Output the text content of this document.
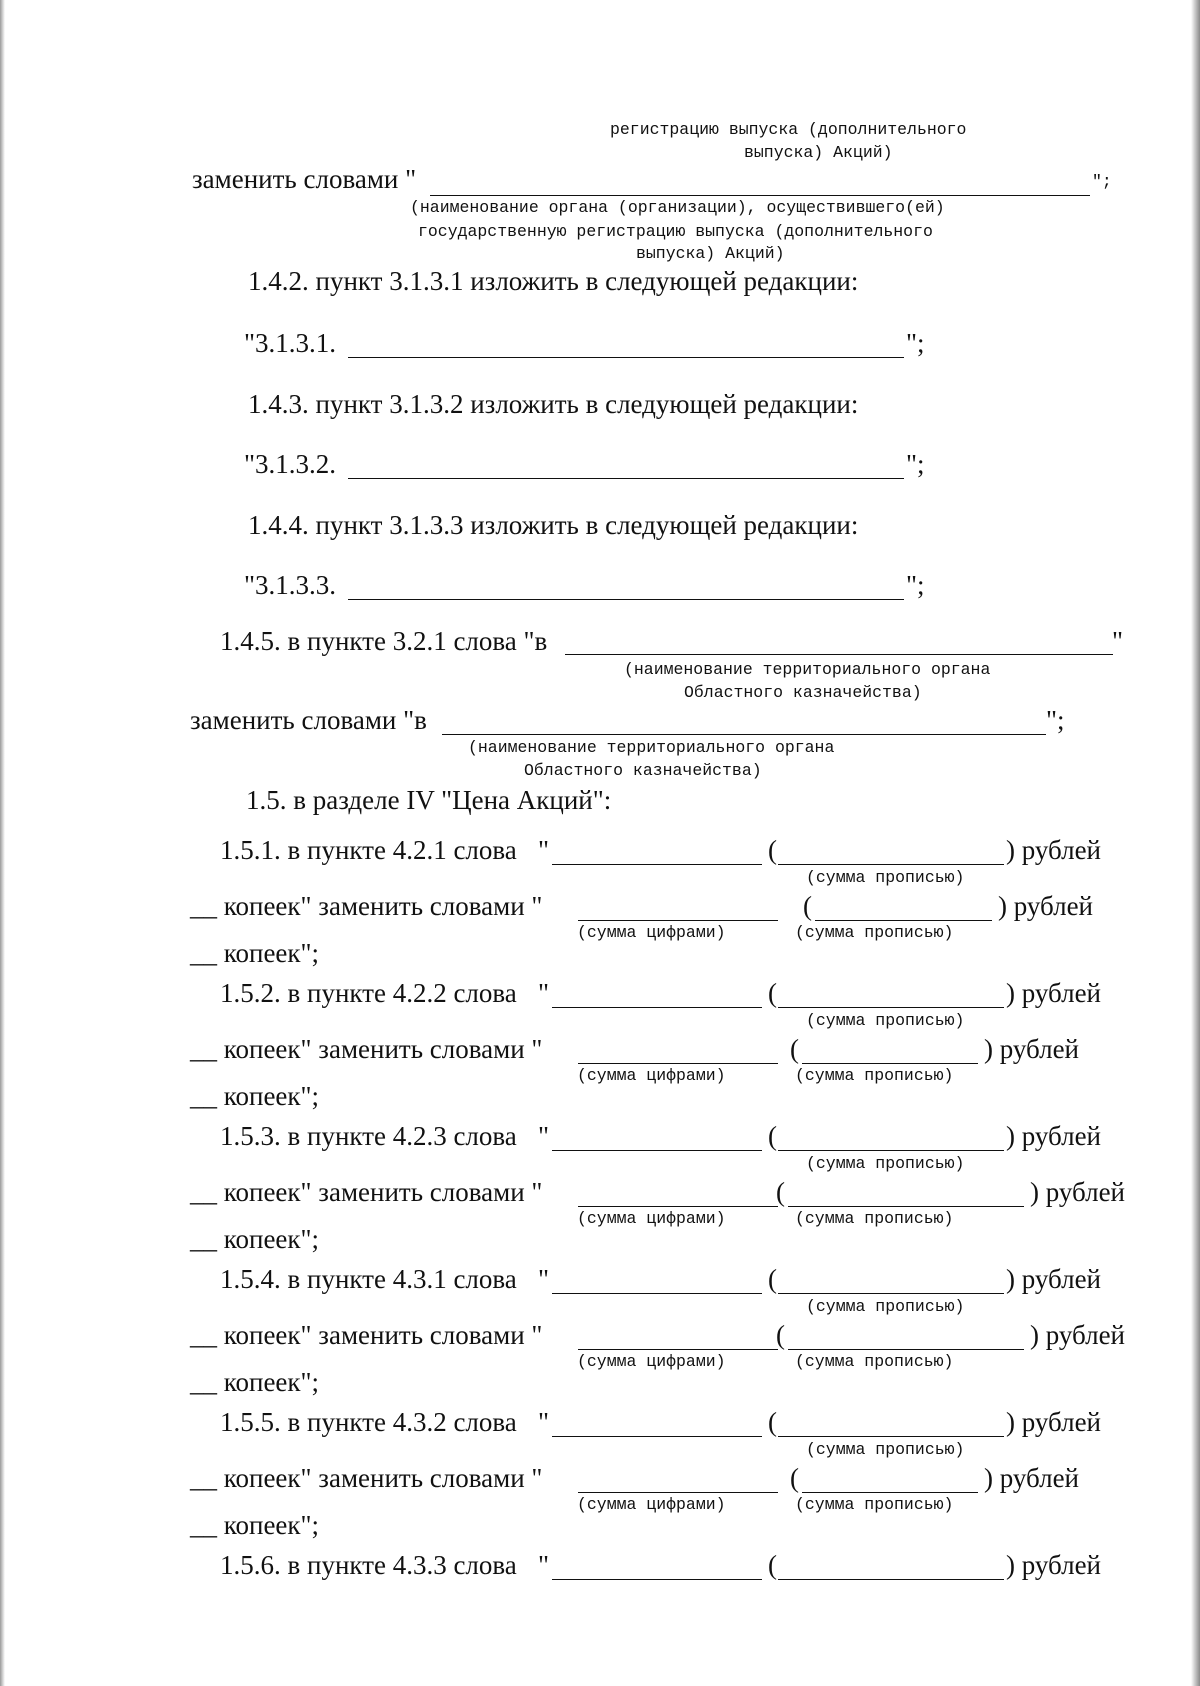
регистрацию выпуска (дополнительного
выпуска) Акций)
заменить словами "	";
(наименование органа (организации), осуществившего(ей)
государственную регистрацию выпуска (дополнительного
выпуска) Акций)
1.4.2. пункт 3.1.3.1 изложить в следующей редакции:
"3.1.3.1.	";
1.4.3. пункт 3.1.3.2 изложить в следующей редакции:
"3.1.3.2.	";
1.4.4. пункт 3.1.3.3 изложить в следующей редакции:
"3.1.3.3.	";
1.4.5. в пункте 3.2.1 слова "в	"
(наименование территориального органа
Областного казначейства)
заменить словами "в	";
(наименование территориального органа
Областного казначейства)
1.5. в разделе IV "Цена Акций":
1.5.1. в пункте 4.2.1 слова "	(	) рублей
(сумма прописью)
__ копеек" заменить словами "	(	) рублей
(сумма цифрами)	(сумма прописью)
__ копеек";
1.5.2. в пункте 4.2.2 слова "	(	) рублей
(сумма прописью)
__ копеек" заменить словами "	(	) рублей
(сумма цифрами)	(сумма прописью)
__ копеек";
1.5.3. в пункте 4.2.3 слова "	(	) рублей
(сумма прописью)
__ копеек" заменить словами "	(	) рублей
(сумма цифрами)	(сумма прописью)
__ копеек";
1.5.4. в пункте 4.3.1 слова "	(	) рублей
(сумма прописью)
__ копеек" заменить словами "	(	) рублей
(сумма цифрами)	(сумма прописью)
__ копеек";
1.5.5. в пункте 4.3.2 слова "	(	) рублей
(сумма прописью)
__ копеек" заменить словами "	(	) рублей
(сумма цифрами)	(сумма прописью)
__ копеек";
1.5.6. в пункте 4.3.3 слова "	(	) рублей
